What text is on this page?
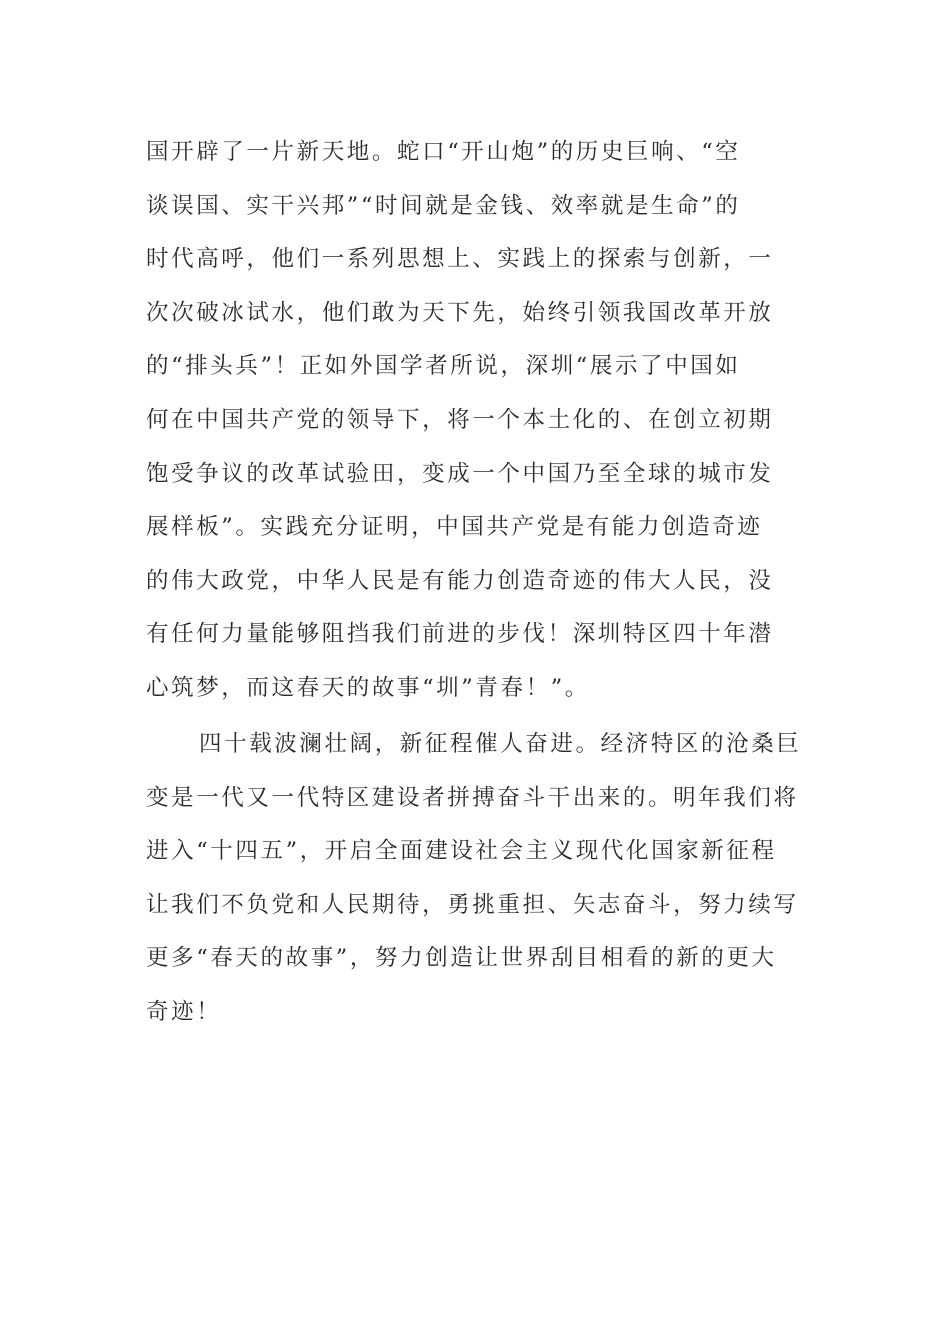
国开辟了一片新天地。蛇口“开山炮”的历史巨响、“空
谈误国、实干兴邦”“时间就是金钱、效率就是生命”的
时代高呼，他们一系列思想上、实践上的探索与创新，一
次次破冰试水，他们敢为天下先，始终引领我国改革开放
的“排头兵”！正如外国学者所说，深圳“展示了中国如
何在中国共产党的领导下，将一个本土化的、在创立初期
饱受争议的改革试验田，变成一个中国乃至全球的城市发
展样板”。实践充分证明，中国共产党是有能力创造奇迹
的伟大政党，中华人民是有能力创造奇迹的伟大人民，没
有任何力量能够阻挡我们前进的步伐！深圳特区四十年潜
心筑梦，而这春天的故事“圳”青春！”。
四十载波澜壮阔，新征程催人奋进。经济特区的沧桑巨
变是一代又一代特区建设者拼搏奋斗干出来的。明年我们将
进入“十四五”，开启全面建设社会主义现代化国家新征程
让我们不负党和人民期待，勇挑重担、矢志奋斗，努力续写
更多“春天的故事”，努力创造让世界刮目相看的新的更大
奇迹！
